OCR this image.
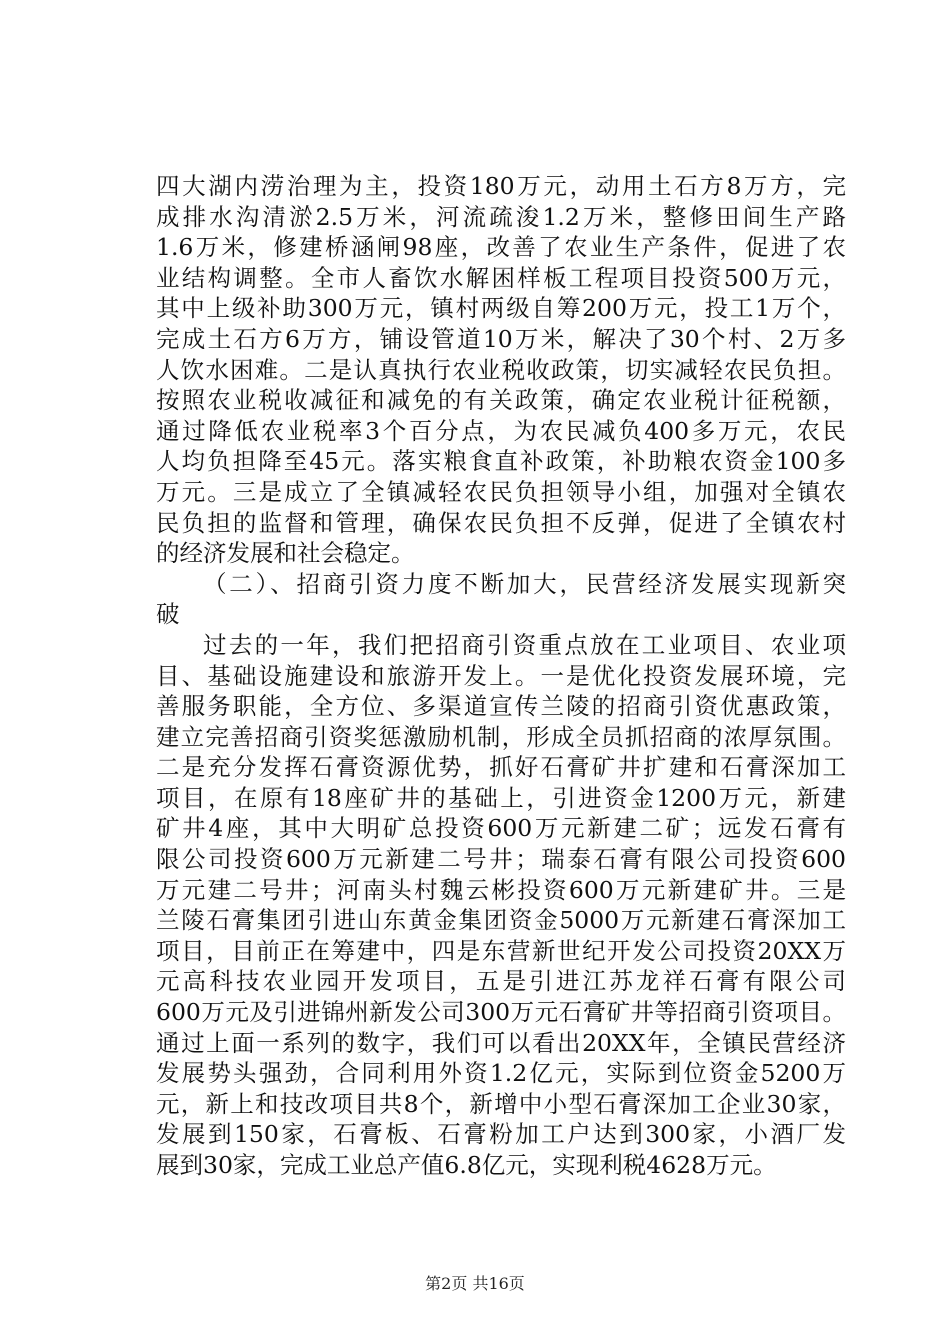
四大湖内涝治理为主，投资180万元，动用土石方8万方，完
成排水沟清淤2.5万米，河流疏浚1.2万米，整修田间生产路
1.6万米，修建桥涵闸98座，改善了农业生产条件，促进了农
业结构调整。全市人畜饮水解困样板工程项目投资500万元，
其中上级补助300万元，镇村两级自筹200万元，投工1万个，
完成土石方6万方，铺设管道10万米，解决了30个村、2万多
人饮水困难。二是认真执行农业税收政策，切实减轻农民负担。
按照农业税收减征和减免的有关政策，确定农业税计征税额，
通过降低农业税率3个百分点，为农民减负400多万元，农民
人均负担降至45元。落实粮食直补政策，补助粮农资金100多
万元。三是成立了全镇减轻农民负担领导小组，加强对全镇农
民负担的监督和管理，确保农民负担不反弹，促进了全镇农村
的经济发展和社会稳定。
（二）、招商引资力度不断加大，民营经济发展实现新突
破
过去的一年，我们把招商引资重点放在工业项目、农业项
目、基础设施建设和旅游开发上。一是优化投资发展环境，完
善服务职能，全方位、多渠道宣传兰陵的招商引资优惠政策，
建立完善招商引资奖惩激励机制，形成全员抓招商的浓厚氛围。
二是充分发挥石膏资源优势，抓好石膏矿井扩建和石膏深加工
项目，在原有18座矿井的基础上，引进资金1200万元，新建
矿井4座，其中大明矿总投资600万元新建二矿；远发石膏有
限公司投资600万元新建二号井；瑞泰石膏有限公司投资600
万元建二号井；河南头村魏云彬投资600万元新建矿井。三是
兰陵石膏集团引进山东黄金集团资金5000万元新建石膏深加工
项目，目前正在筹建中，四是东营新世纪开发公司投资20XX万
元高科技农业园开发项目，五是引进江苏龙祥石膏有限公司
600万元及引进锦州新发公司300万元石膏矿井等招商引资项目。
通过上面一系列的数字，我们可以看出20XX年，全镇民营经济
发展势头强劲，合同利用外资1.2亿元，实际到位资金5200万
元，新上和技改项目共8个，新增中小型石膏深加工企业30家，
发展到150家，石膏板、石膏粉加工户达到300家，小酒厂发
展到30家，完成工业总产值6.8亿元，实现利税4628万元。
第2页 共16页
